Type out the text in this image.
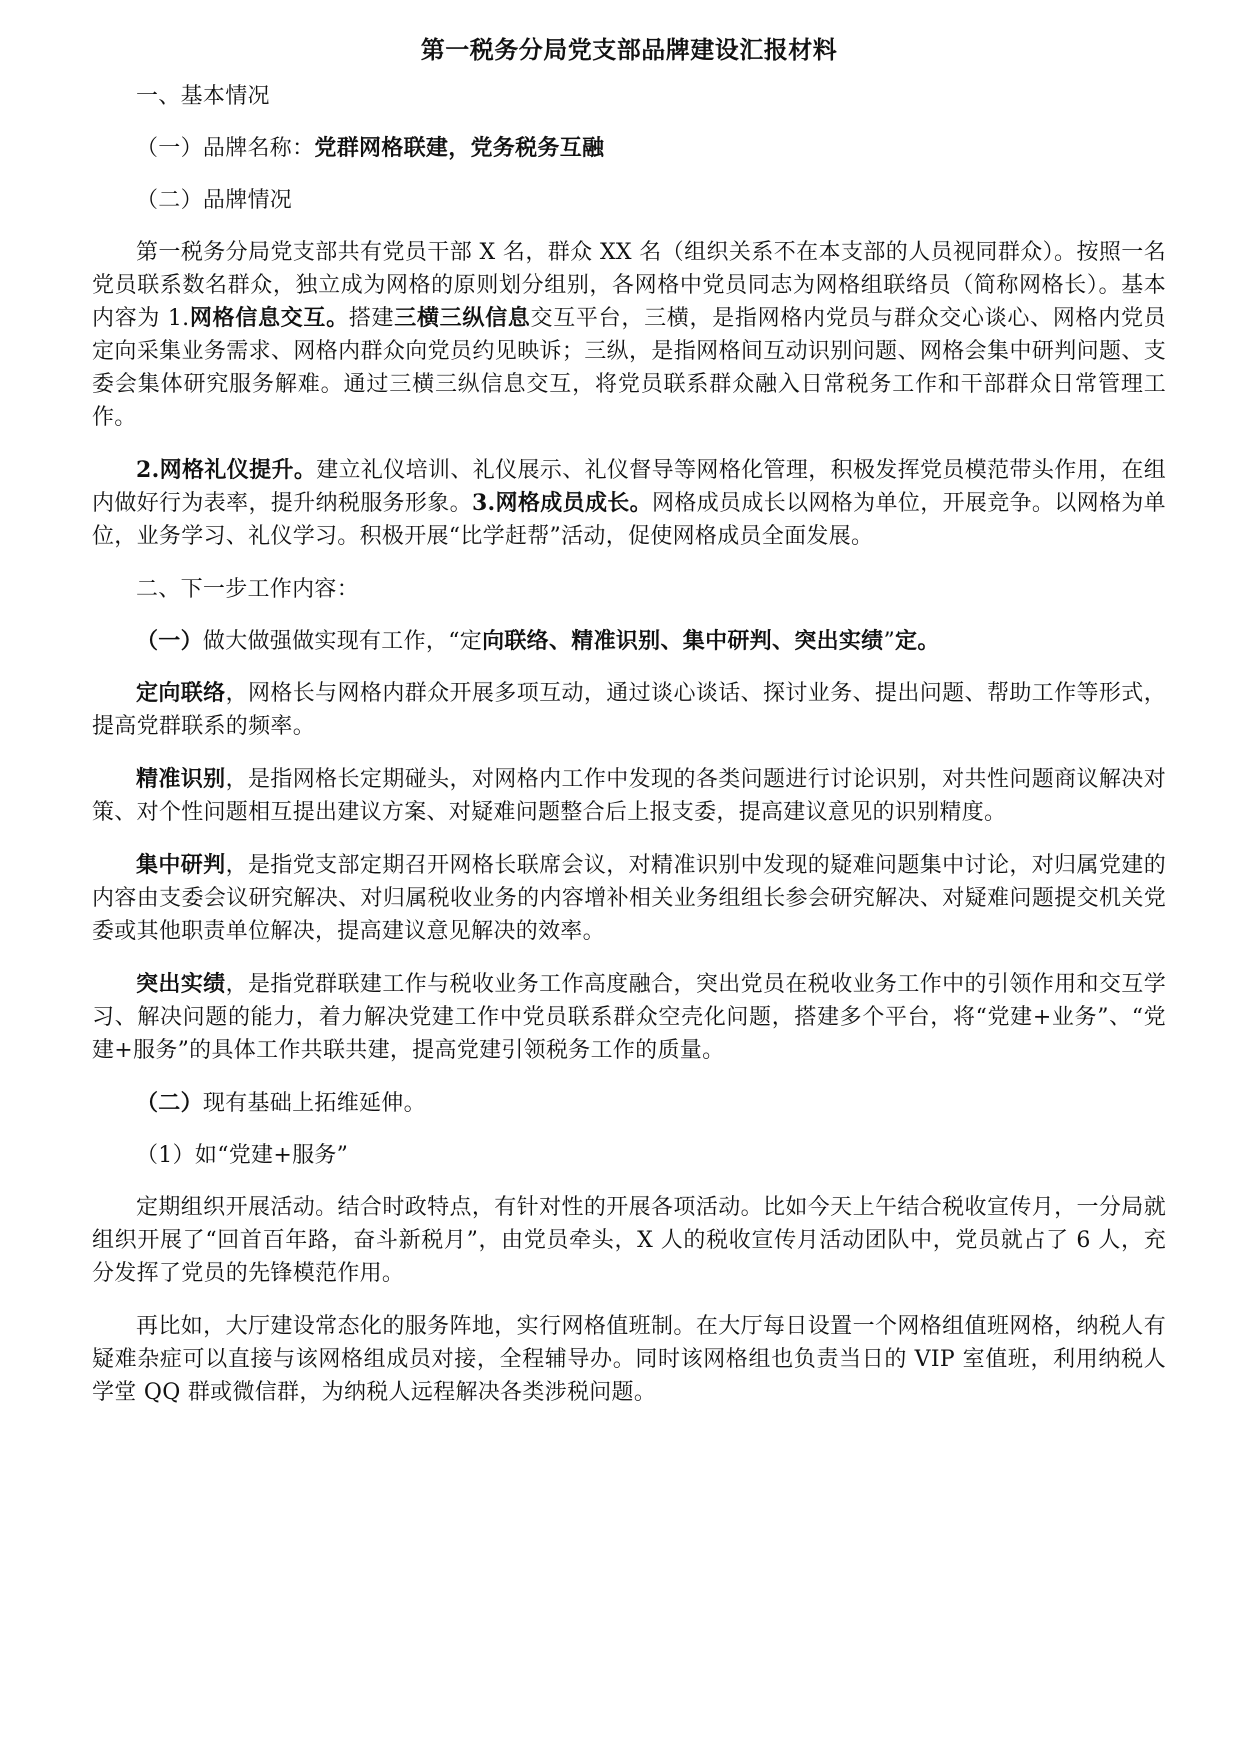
第一税务分局党支部品牌建设汇报材料
一、基本情况
（一）品牌名称：党群网格联建，党务税务互融
（二）品牌情况
第一税务分局党支部共有党员干部 X 名，群众 XX 名（组织关系不在本支部的人员视同群众）。按照一名党员联系数名群众，独立成为网格的原则划分组别，各网格中党员同志为网格组联络员（简称网格长）。基本内容为 1.网格信息交互。搭建三横三纵信息交互平台，三横，是指网格内党员与群众交心谈心、网格内党员定向采集业务需求、网格内群众向党员约见映诉；三纵，是指网格间互动识别问题、网格会集中研判问题、支委会集体研究服务解难。通过三横三纵信息交互，将党员联系群众融入日常税务工作和干部群众日常管理工作。
2.网格礼仪提升。建立礼仪培训、礼仪展示、礼仪督导等网格化管理，积极发挥党员模范带头作用，在组内做好行为表率，提升纳税服务形象。3.网格成员成长。网格成员成长以网格为单位，开展竞争。以网格为单位，业务学习、礼仪学习。积极开展“比学赶帮”活动，促使网格成员全面发展。
二、下一步工作内容：
（一）做大做强做实现有工作，“定向联络、精准识别、集中研判、突出实绩”定。
定向联络，网格长与网格内群众开展多项互动，通过谈心谈话、探讨业务、提出问题、帮助工作等形式，提高党群联系的频率。
精准识别，是指网格长定期碰头，对网格内工作中发现的各类问题进行讨论识别，对共性问题商议解决对策、对个性问题相互提出建议方案、对疑难问题整合后上报支委，提高建议意见的识别精度。
集中研判，是指党支部定期召开网格长联席会议，对精准识别中发现的疑难问题集中讨论，对归属党建的内容由支委会议研究解决、对归属税收业务的内容增补相关业务组组长参会研究解决、对疑难问题提交机关党委或其他职责单位解决，提高建议意见解决的效率。
突出实绩，是指党群联建工作与税收业务工作高度融合，突出党员在税收业务工作中的引领作用和交互学习、解决问题的能力，着力解决党建工作中党员联系群众空壳化问题，搭建多个平台，将“党建+业务”、“党建+服务”的具体工作共联共建，提高党建引领税务工作的质量。
（二）现有基础上拓维延伸。
（1）如“党建+服务”
定期组织开展活动。结合时政特点，有针对性的开展各项活动。比如今天上午结合税收宣传月，一分局就组织开展了“回首百年路，奋斗新税月”，由党员牵头，X 人的税收宣传月活动团队中，党员就占了 6 人，充分发挥了党员的先锋模范作用。
再比如，大厅建设常态化的服务阵地，实行网格值班制。在大厅每日设置一个网格组值班网格，纳税人有疑难杂症可以直接与该网格组成员对接，全程辅导办。同时该网格组也负责当日的 VIP 室值班，利用纳税人学堂 QQ 群或微信群，为纳税人远程解决各类涉税问题。
